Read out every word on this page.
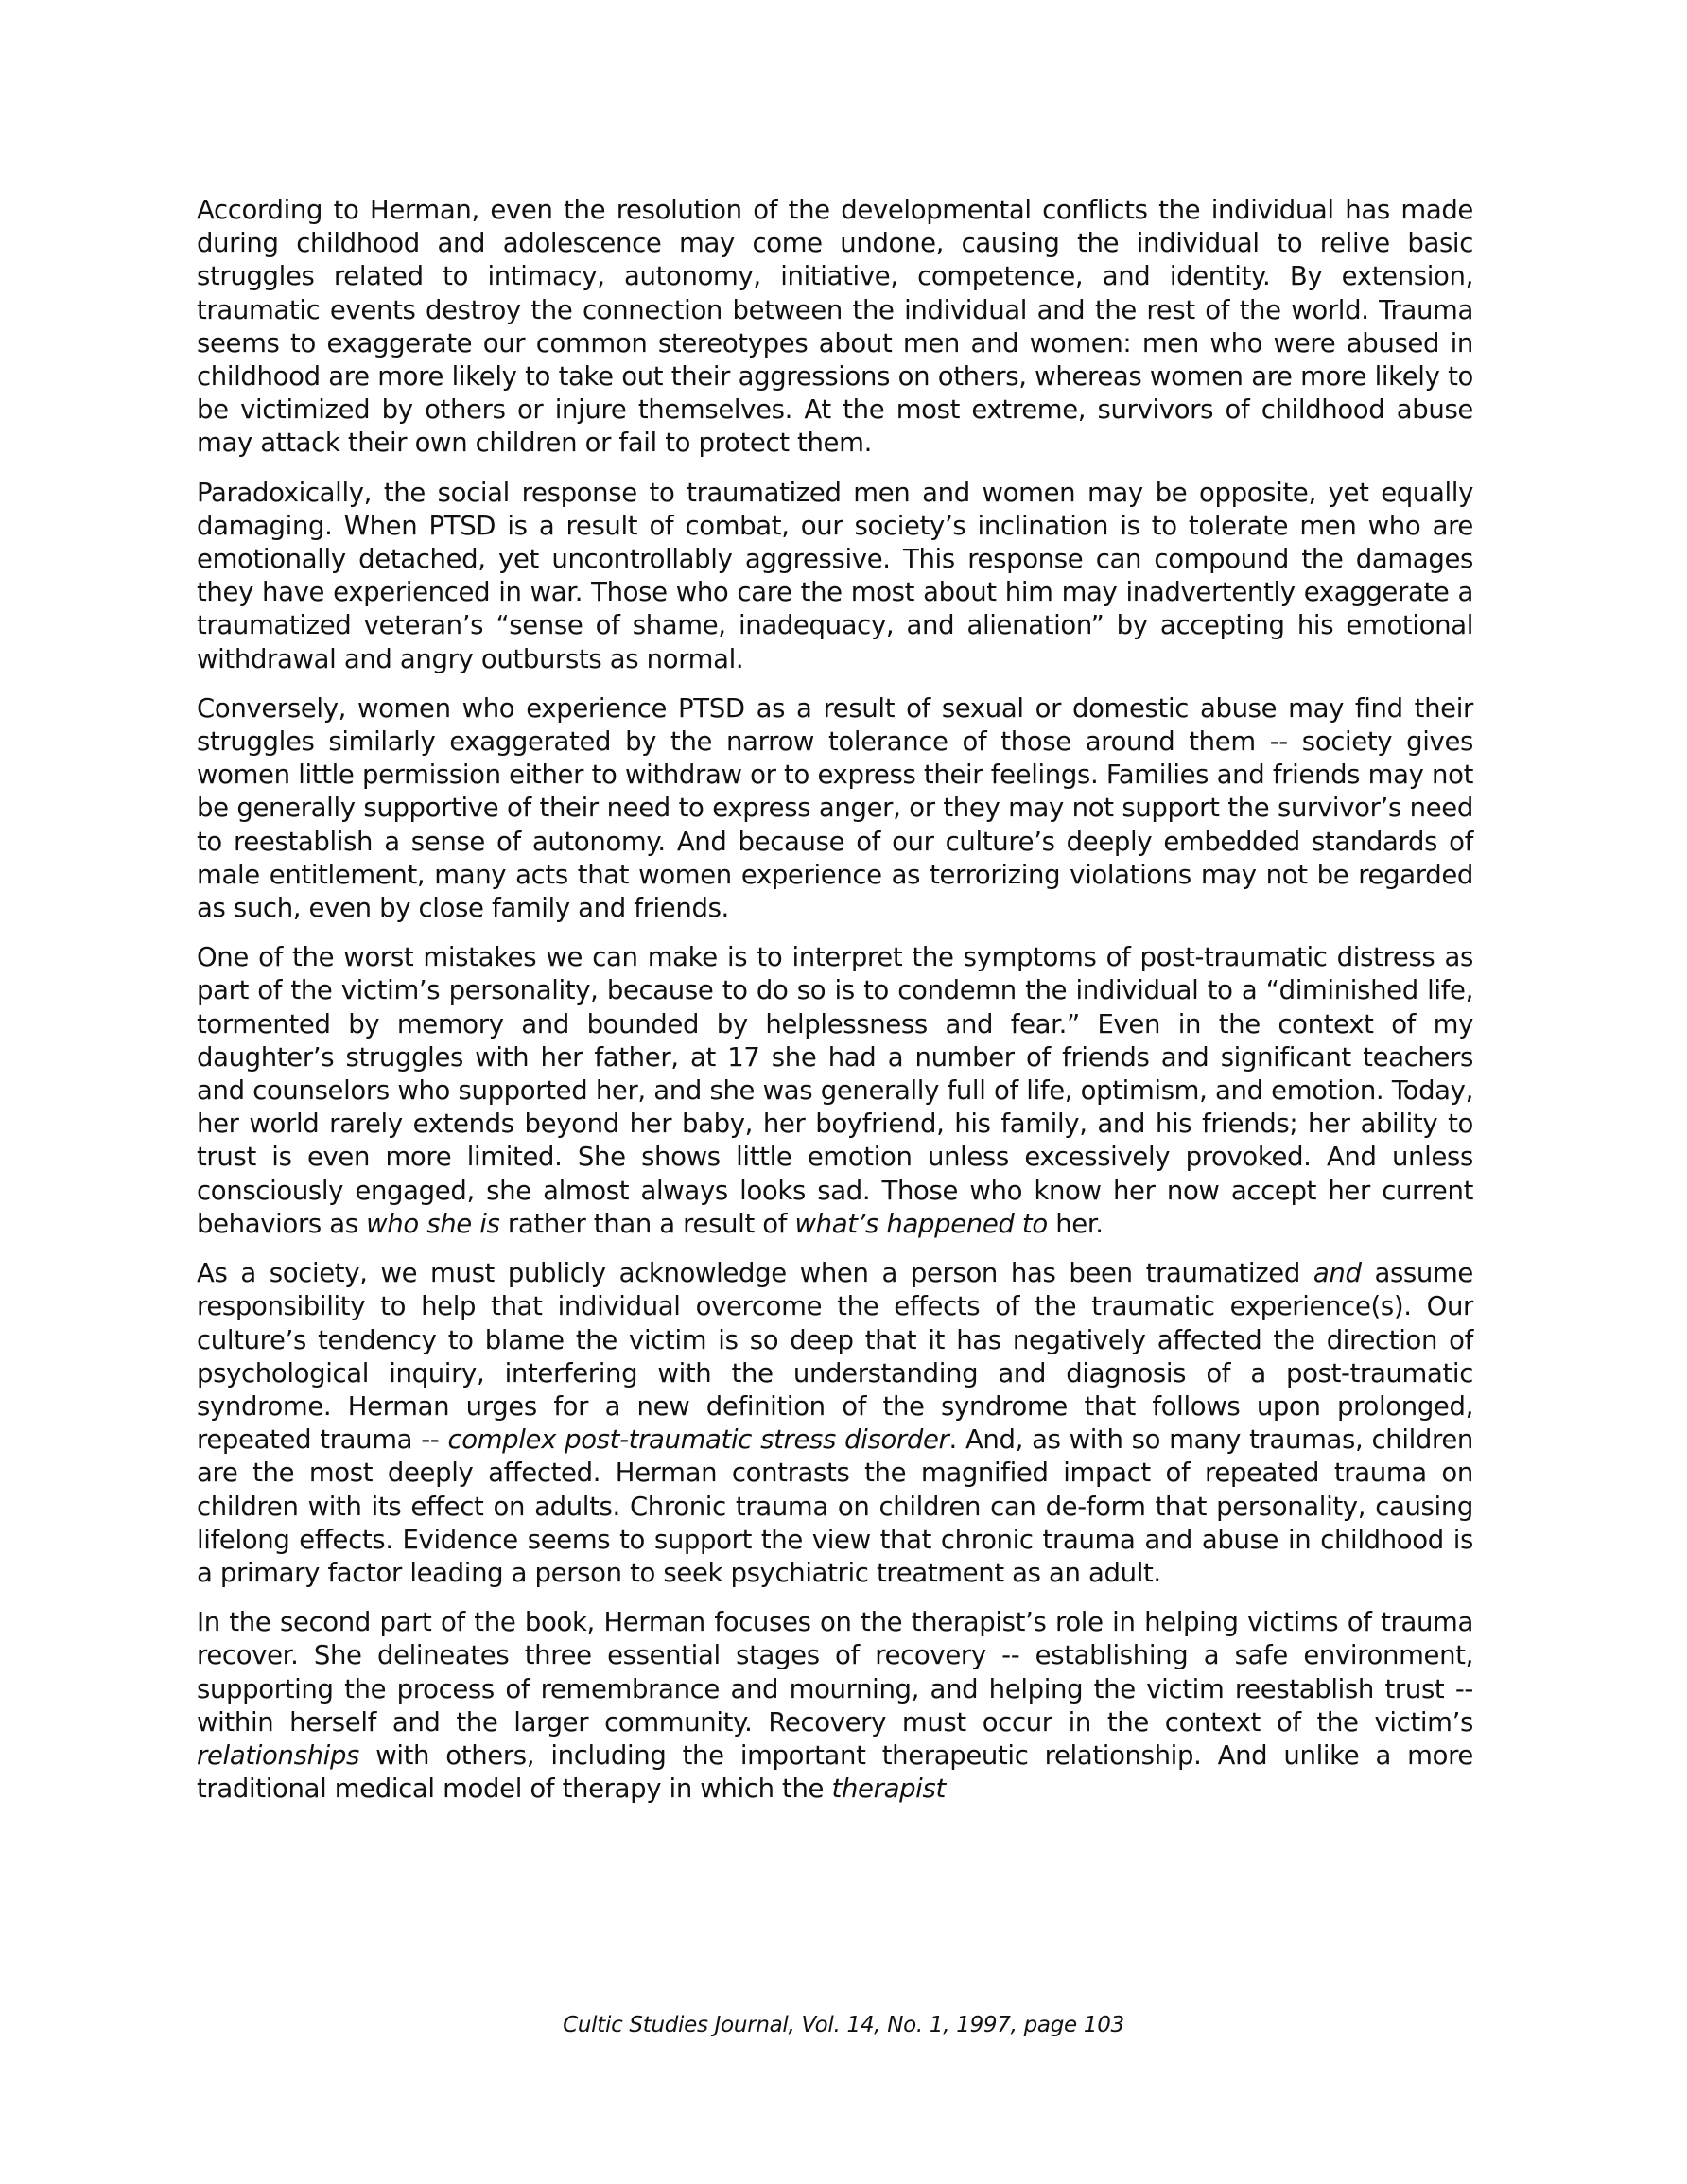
According to Herman, even the resolution of the developmental conflicts the individual has made during childhood and adolescence may come undone, causing the individual to relive basic struggles related to intimacy, autonomy, initiative, competence, and identity. By extension, traumatic events destroy the connection between the individual and the rest of the world. Trauma seems to exaggerate our common stereotypes about men and women: men who were abused in childhood are more likely to take out their aggressions on others, whereas women are more likely to be victimized by others or injure themselves. At the most extreme, survivors of childhood abuse may attack their own children or fail to protect them.

Paradoxically, the social response to traumatized men and women may be opposite, yet equally damaging. When PTSD is a result of combat, our society’s inclination is to tolerate men who are emotionally detached, yet uncontrollably aggressive. This response can compound the damages they have experienced in war. Those who care the most about him may inadvertently exaggerate a traumatized veteran’s “sense of shame, inadequacy, and alienation” by accepting his emotional withdrawal and angry outbursts as normal.

Conversely, women who experience PTSD as a result of sexual or domestic abuse may find their struggles similarly exaggerated by the narrow tolerance of those around them -- society gives women little permission either to withdraw or to express their feelings. Families and friends may not be generally supportive of their need to express anger, or they may not support the survivor’s need to reestablish a sense of autonomy. And because of our culture’s deeply embedded standards of male entitlement, many acts that women experience as terrorizing violations may not be regarded as such, even by close family and friends.

One of the worst mistakes we can make is to interpret the symptoms of post-traumatic distress as part of the victim’s personality, because to do so is to condemn the individual to a “diminished life, tormented by memory and bounded by helplessness and fear.” Even in the context of my daughter’s struggles with her father, at 17 she had a number of friends and significant teachers and counselors who supported her, and she was generally full of life, optimism, and emotion. Today, her world rarely extends beyond her baby, her boyfriend, his family, and his friends; her ability to trust is even more limited. She shows little emotion unless excessively provoked. And unless consciously engaged, she almost always looks sad. Those who know her now accept her current behaviors as who she is rather than a result of what’s happened to her.

As a society, we must publicly acknowledge when a person has been traumatized and assume responsibility to help that individual overcome the effects of the traumatic experience(s). Our culture’s tendency to blame the victim is so deep that it has negatively affected the direction of psychological inquiry, interfering with the understanding and diagnosis of a post-traumatic syndrome. Herman urges for a new definition of the syndrome that follows upon prolonged, repeated trauma -- complex post-traumatic stress disorder. And, as with so many traumas, children are the most deeply affected. Herman contrasts the magnified impact of repeated trauma on children with its effect on adults. Chronic trauma on children can de-form that personality, causing lifelong effects. Evidence seems to support the view that chronic trauma and abuse in childhood is a primary factor leading a person to seek psychiatric treatment as an adult.

In the second part of the book, Herman focuses on the therapist’s role in helping victims of trauma recover. She delineates three essential stages of recovery -- establishing a safe environment, supporting the process of remembrance and mourning, and helping the victim reestablish trust -- within herself and the larger community. Recovery must occur in the context of the victim’s relationships with others, including the important therapeutic relationship. And unlike a more traditional medical model of therapy in which the therapist

Cultic Studies Journal, Vol. 14, No. 1, 1997, page 103
